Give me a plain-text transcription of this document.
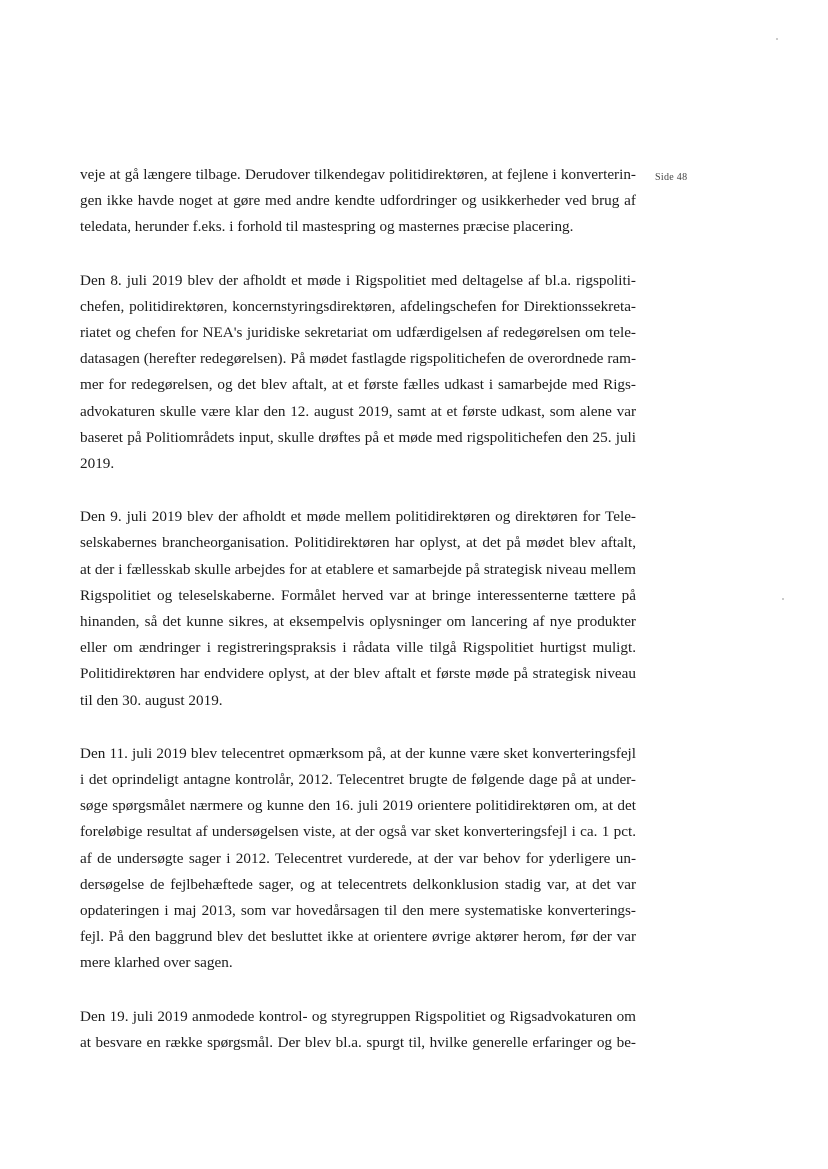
Side 48

veje at gå længere tilbage. Derudover tilkendegav politidirektøren, at fejlene i konverterin-
gen ikke havde noget at gøre med andre kendte udfordringer og usikkerheder ved brug af
teledata, herunder f.eks. i forhold til mastespring og masternes præcise placering.

Den 8. juli 2019 blev der afholdt et møde i Rigspolitiet med deltagelse af bl.a. rigspoliti-
chefen, politidirektøren, koncernstyringsdirektøren, afdelingschefen for Direktionssekreta-
riatet og chefen for NEA's juridiske sekretariat om udfærdigelsen af redegørelsen om tele-
datasagen (herefter redegørelsen). På mødet fastlagde rigspolitichefen de overordnede ram-
mer for redegørelsen, og det blev aftalt, at et første fælles udkast i samarbejde med Rigs-
advokaturen skulle være klar den 12. august 2019, samt at et første udkast, som alene var
baseret på Politiområdets input, skulle drøftes på et møde med rigspolitichefen den 25. juli
2019.

Den 9. juli 2019 blev der afholdt et møde mellem politidirektøren og direktøren for Tele-
selskabernes brancheorganisation. Politidirektøren har oplyst, at det på mødet blev aftalt,
at der i fællesskab skulle arbejdes for at etablere et samarbejde på strategisk niveau mellem
Rigspolitiet og teleselskaberne. Formålet herved var at bringe interessenterne tættere på
hinanden, så det kunne sikres, at eksempelvis oplysninger om lancering af nye produkter
eller om ændringer i registreringspraksis i rådata ville tilgå Rigspolitiet hurtigst muligt.
Politidirektøren har endvidere oplyst, at der blev aftalt et første møde på strategisk niveau
til den 30. august 2019.

Den 11. juli 2019 blev telecentret opmærksom på, at der kunne være sket konverteringsfejl
i det oprindeligt antagne kontrolår, 2012. Telecentret brugte de følgende dage på at under-
søge spørgsmålet nærmere og kunne den 16. juli 2019 orientere politidirektøren om, at det
foreløbige resultat af undersøgelsen viste, at der også var sket konverteringsfejl i ca. 1 pct.
af de undersøgte sager i 2012. Telecentret vurderede, at der var behov for yderligere un-
dersøgelse de fejlbehæftede sager, og at telecentrets delkonklusion stadig var, at det var
opdateringen i maj 2013, som var hovedårsagen til den mere systematiske konverterings-
fejl. På den baggrund blev det besluttet ikke at orientere øvrige aktører herom, før der var
mere klarhed over sagen.

Den 19. juli 2019 anmodede kontrol- og styregruppen Rigspolitiet og Rigsadvokaturen om
at besvare en række spørgsmål. Der blev bl.a. spurgt til, hvilke generelle erfaringer og be-
